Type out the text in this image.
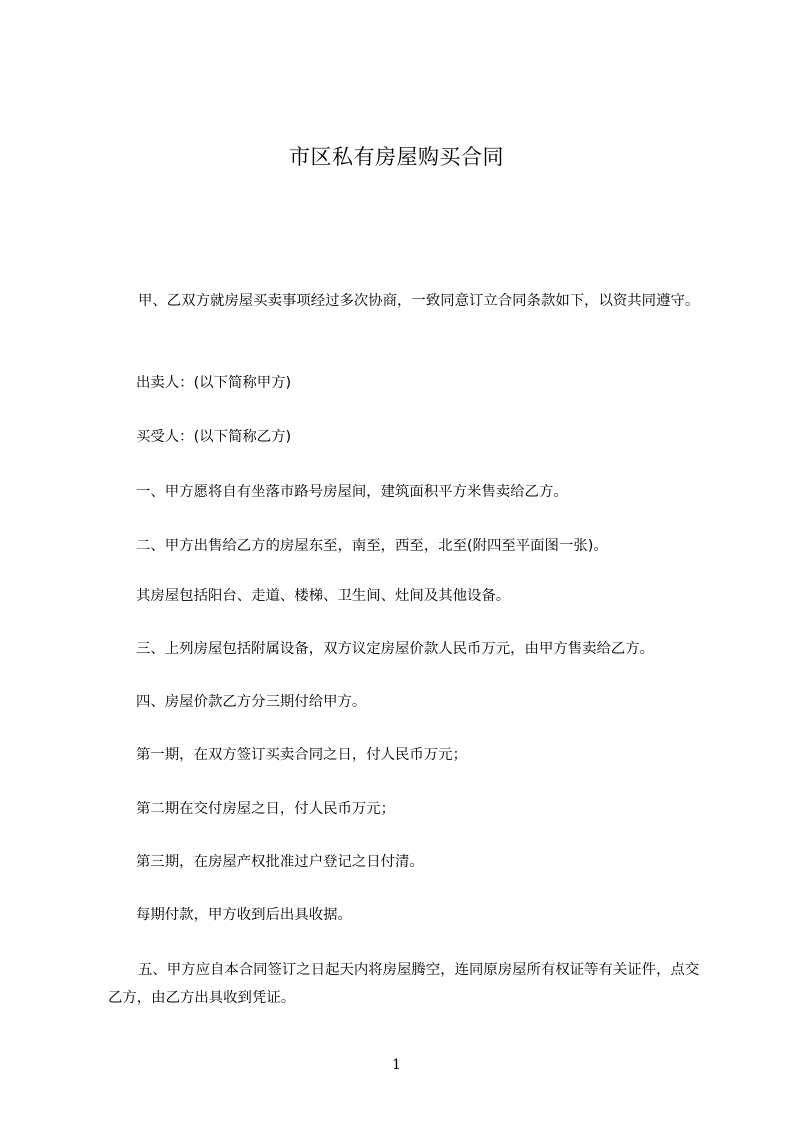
市区私有房屋购买合同

甲、乙双方就房屋买卖事项经过多次协商，一致同意订立合同条款如下，以资共同遵守。

出卖人：(以下简称甲方)

买受人：(以下简称乙方)

一、甲方愿将自有坐落市路号房屋间，建筑面积平方米售卖给乙方。

二、甲方出售给乙方的房屋东至，南至，西至，北至(附四至平面图一张)。

其房屋包括阳台、走道、楼梯、卫生间、灶间及其他设备。

三、上列房屋包括附属设备，双方议定房屋价款人民币万元，由甲方售卖给乙方。

四、房屋价款乙方分三期付给甲方。

第一期，在双方签订买卖合同之日，付人民币万元；

第二期在交付房屋之日，付人民币万元；

第三期，在房屋产权批准过户登记之日付清。

每期付款，甲方收到后出具收据。

五、甲方应自本合同签订之日起天内将房屋腾空，连同原房屋所有权证等有关证件，点交乙方，由乙方出具收到凭证。

1
